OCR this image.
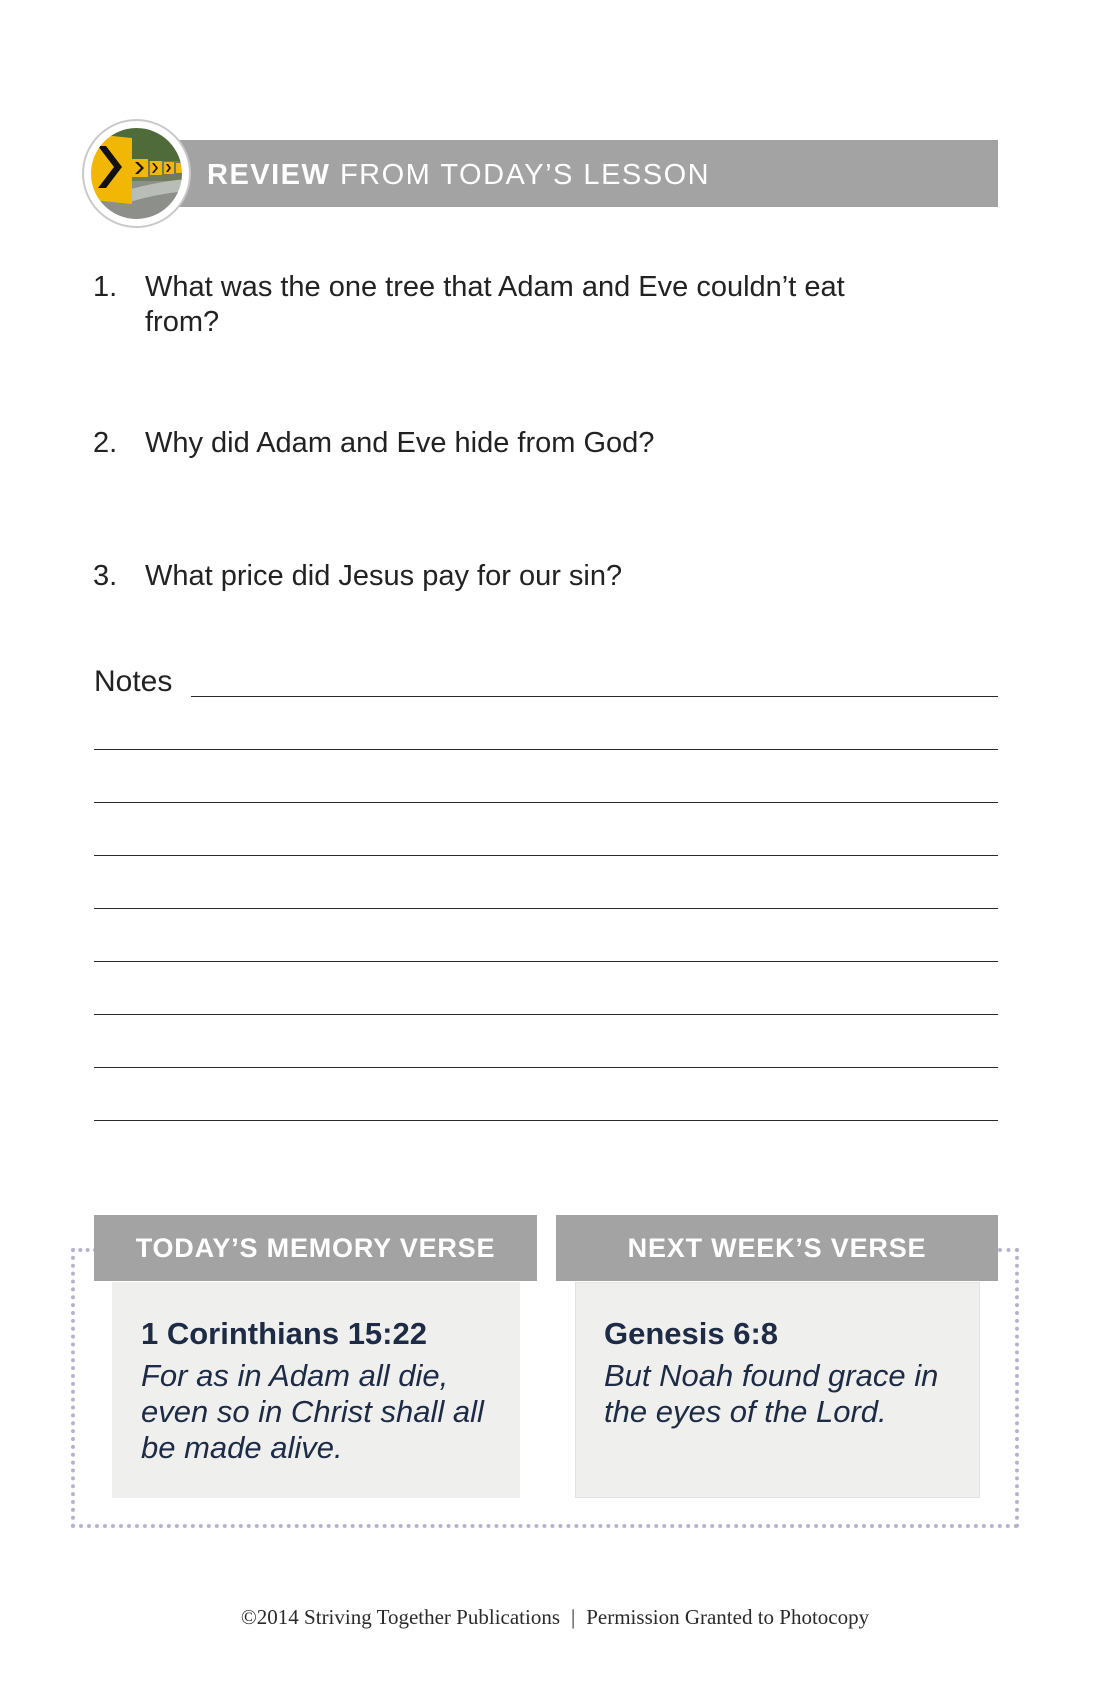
REVIEW FROM TODAY’S LESSON
1. What was the one tree that Adam and Eve couldn’t eat from?
2. Why did Adam and Eve hide from God?
3. What price did Jesus pay for our sin?
Notes
TODAY’S MEMORY VERSE	NEXT WEEK’S VERSE
1 Corinthians 15:22
For as in Adam all die, even so in Christ shall all be made alive.
Genesis 6:8
But Noah found grace in the eyes of the Lord.
©2014 Striving Together Publications | Permission Granted to Photocopy
